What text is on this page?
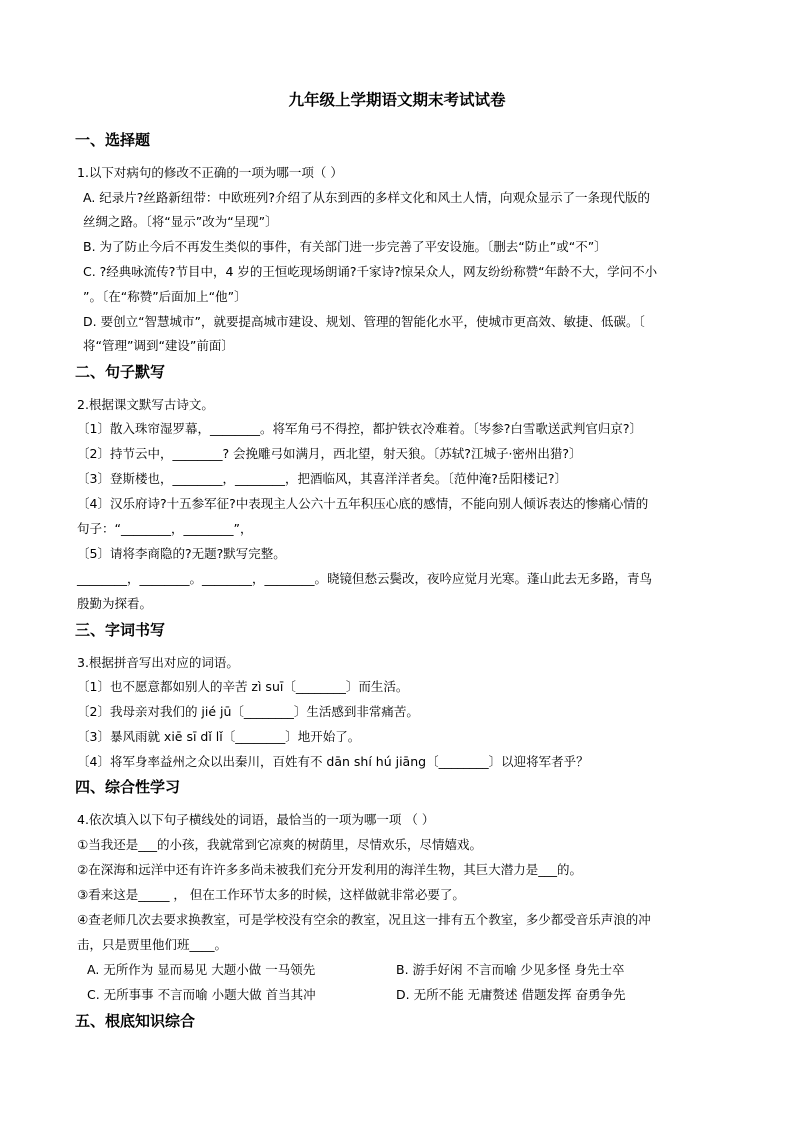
九年级上学期语文期末考试试卷
一、选择题
1.以下对病句的修改不正确的一项为哪一项（ ）
A. 纪录片?丝路新纽带：中欧班列?介绍了从东到西的多样文化和风土人情，向观众显示了一条现代版的
丝绸之路。〔将“显示”改为“呈现”〕
B. 为了防止今后不再发生类似的事件，有关部门进一步完善了平安设施。〔删去“防止”或“不”〕
C. ?经典咏流传?节目中，4 岁的王恒屹现场朗诵?千家诗?惊呆众人，网友纷纷称赞“年龄不大，学问不小
”。〔在“称赞”后面加上“他”〕
D. 要创立“智慧城市”，就要提高城市建设、规划、管理的智能化水平，使城市更高效、敏捷、低碳。〔
将“管理”调到“建设”前面〕
二、句子默写
2.根据课文默写古诗文。
〔1〕散入珠帘湿罗幕，________。将军角弓不得控，都护铁衣冷难着。〔岑参?白雪歌送武判官归京?〕
〔2〕持节云中，________? 会挽雕弓如满月，西北望，射天狼。〔苏轼?江城子·密州出猎?〕
〔3〕登斯楼也，________，________，把酒临风，其喜洋洋者矣。〔范仲淹?岳阳楼记?〕
〔4〕汉乐府诗?十五参军征?中表现主人公六十五年积压心底的感情，不能向别人倾诉表达的惨痛心情的
句子：“________，________”，
〔5〕请将李商隐的?无题?默写完整。
________，________。________，________。晓镜但愁云鬓改，夜吟应觉月光寒。蓬山此去无多路，青鸟
殷勤为探看。
三、字词书写
3.根据拼音写出对应的词语。
〔1〕也不愿意都如别人的辛苦 zì suī〔________〕而生活。
〔2〕我母亲对我们的 jié jū〔________〕生活感到非常痛苦。
〔3〕暴风雨就 xiē sī dǐ lǐ〔________〕地开始了。
〔4〕将军身率益州之众以出秦川，百姓有不 dān shí hú jiāng〔________〕以迎将军者乎？
四、综合性学习
4.依次填入以下句子横线处的词语，最恰当的一项为哪一项 （ ）
①当我还是___的小孩，我就常到它凉爽的树荫里，尽情欢乐，尽情嬉戏。
②在深海和远洋中还有许许多多尚未被我们充分开发利用的海洋生物，其巨大潜力是___的。
③看来这是_____ ， 但在工作环节太多的时候，这样做就非常必要了。
④查老师几次去要求换教室，可是学校没有空余的教室，况且这一排有五个教室，多少都受音乐声浪的冲
击，只是贾里他们班____。
A. 无所作为 显而易见 大题小做 一马领先	B. 游手好闲 不言而喻 少见多怪 身先士卒
C. 无所事事 不言而喻 小题大做 首当其冲	D. 无所不能 无庸赘述 借题发挥 奋勇争先
五、根底知识综合
